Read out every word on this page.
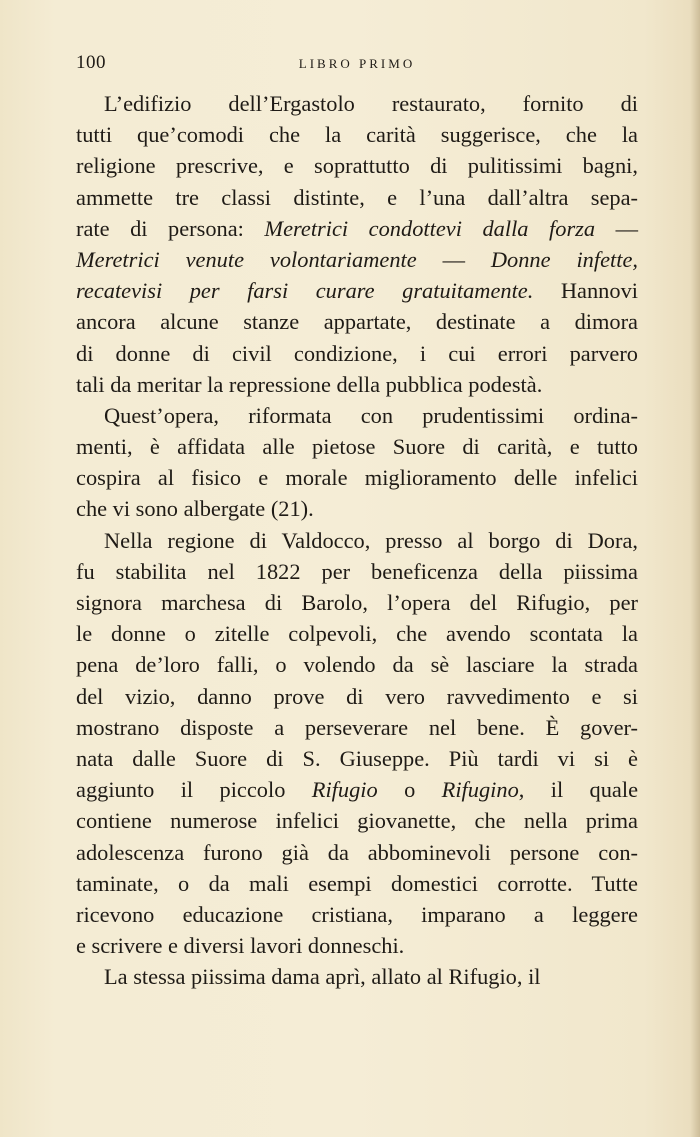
100	LIBRO PRIMO
L’edifizio dell’Ergastolo restaurato, fornito di
tutti que’comodi che la carità suggerisce, che la
religione prescrive, e soprattutto di pulitissimi bagni,
ammette tre classi distinte, e l’una dall’altra sepa-
rate di persona: Meretrici condottevi dalla forza —
Meretrici venute volontariamente — Donne infette,
recatevisi per farsi curare gratuitamente. Hannovi
ancora alcune stanze appartate, destinate a dimora
di donne di civil condizione, i cui errori parvero
tali da meritar la repressione della pubblica podestà.
Quest’opera, riformata con prudentissimi ordina-
menti, è affidata alle pietose Suore di carità, e tutto
cospira al fisico e morale miglioramento delle infelici
che vi sono albergate (21).
Nella regione di Valdocco, presso al borgo di Dora,
fu stabilita nel 1822 per beneficenza della piissima
signora marchesa di Barolo, l’opera del Rifugio, per
le donne o zitelle colpevoli, che avendo scontata la
pena de’loro falli, o volendo da sè lasciare la strada
del vizio, danno prove di vero ravvedimento e si
mostrano disposte a perseverare nel bene. È gover-
nata dalle Suore di S. Giuseppe. Più tardi vi si è
aggiunto il piccolo Rifugio o Rifugino, il quale
contiene numerose infelici giovanette, che nella prima
adolescenza furono già da abbominevoli persone con-
taminate, o da mali esempi domestici corrotte. Tutte
ricevono educazione cristiana, imparano a leggere
e scrivere e diversi lavori donneschi.
La stessa piissima dama aprì, allato al Rifugio, il
